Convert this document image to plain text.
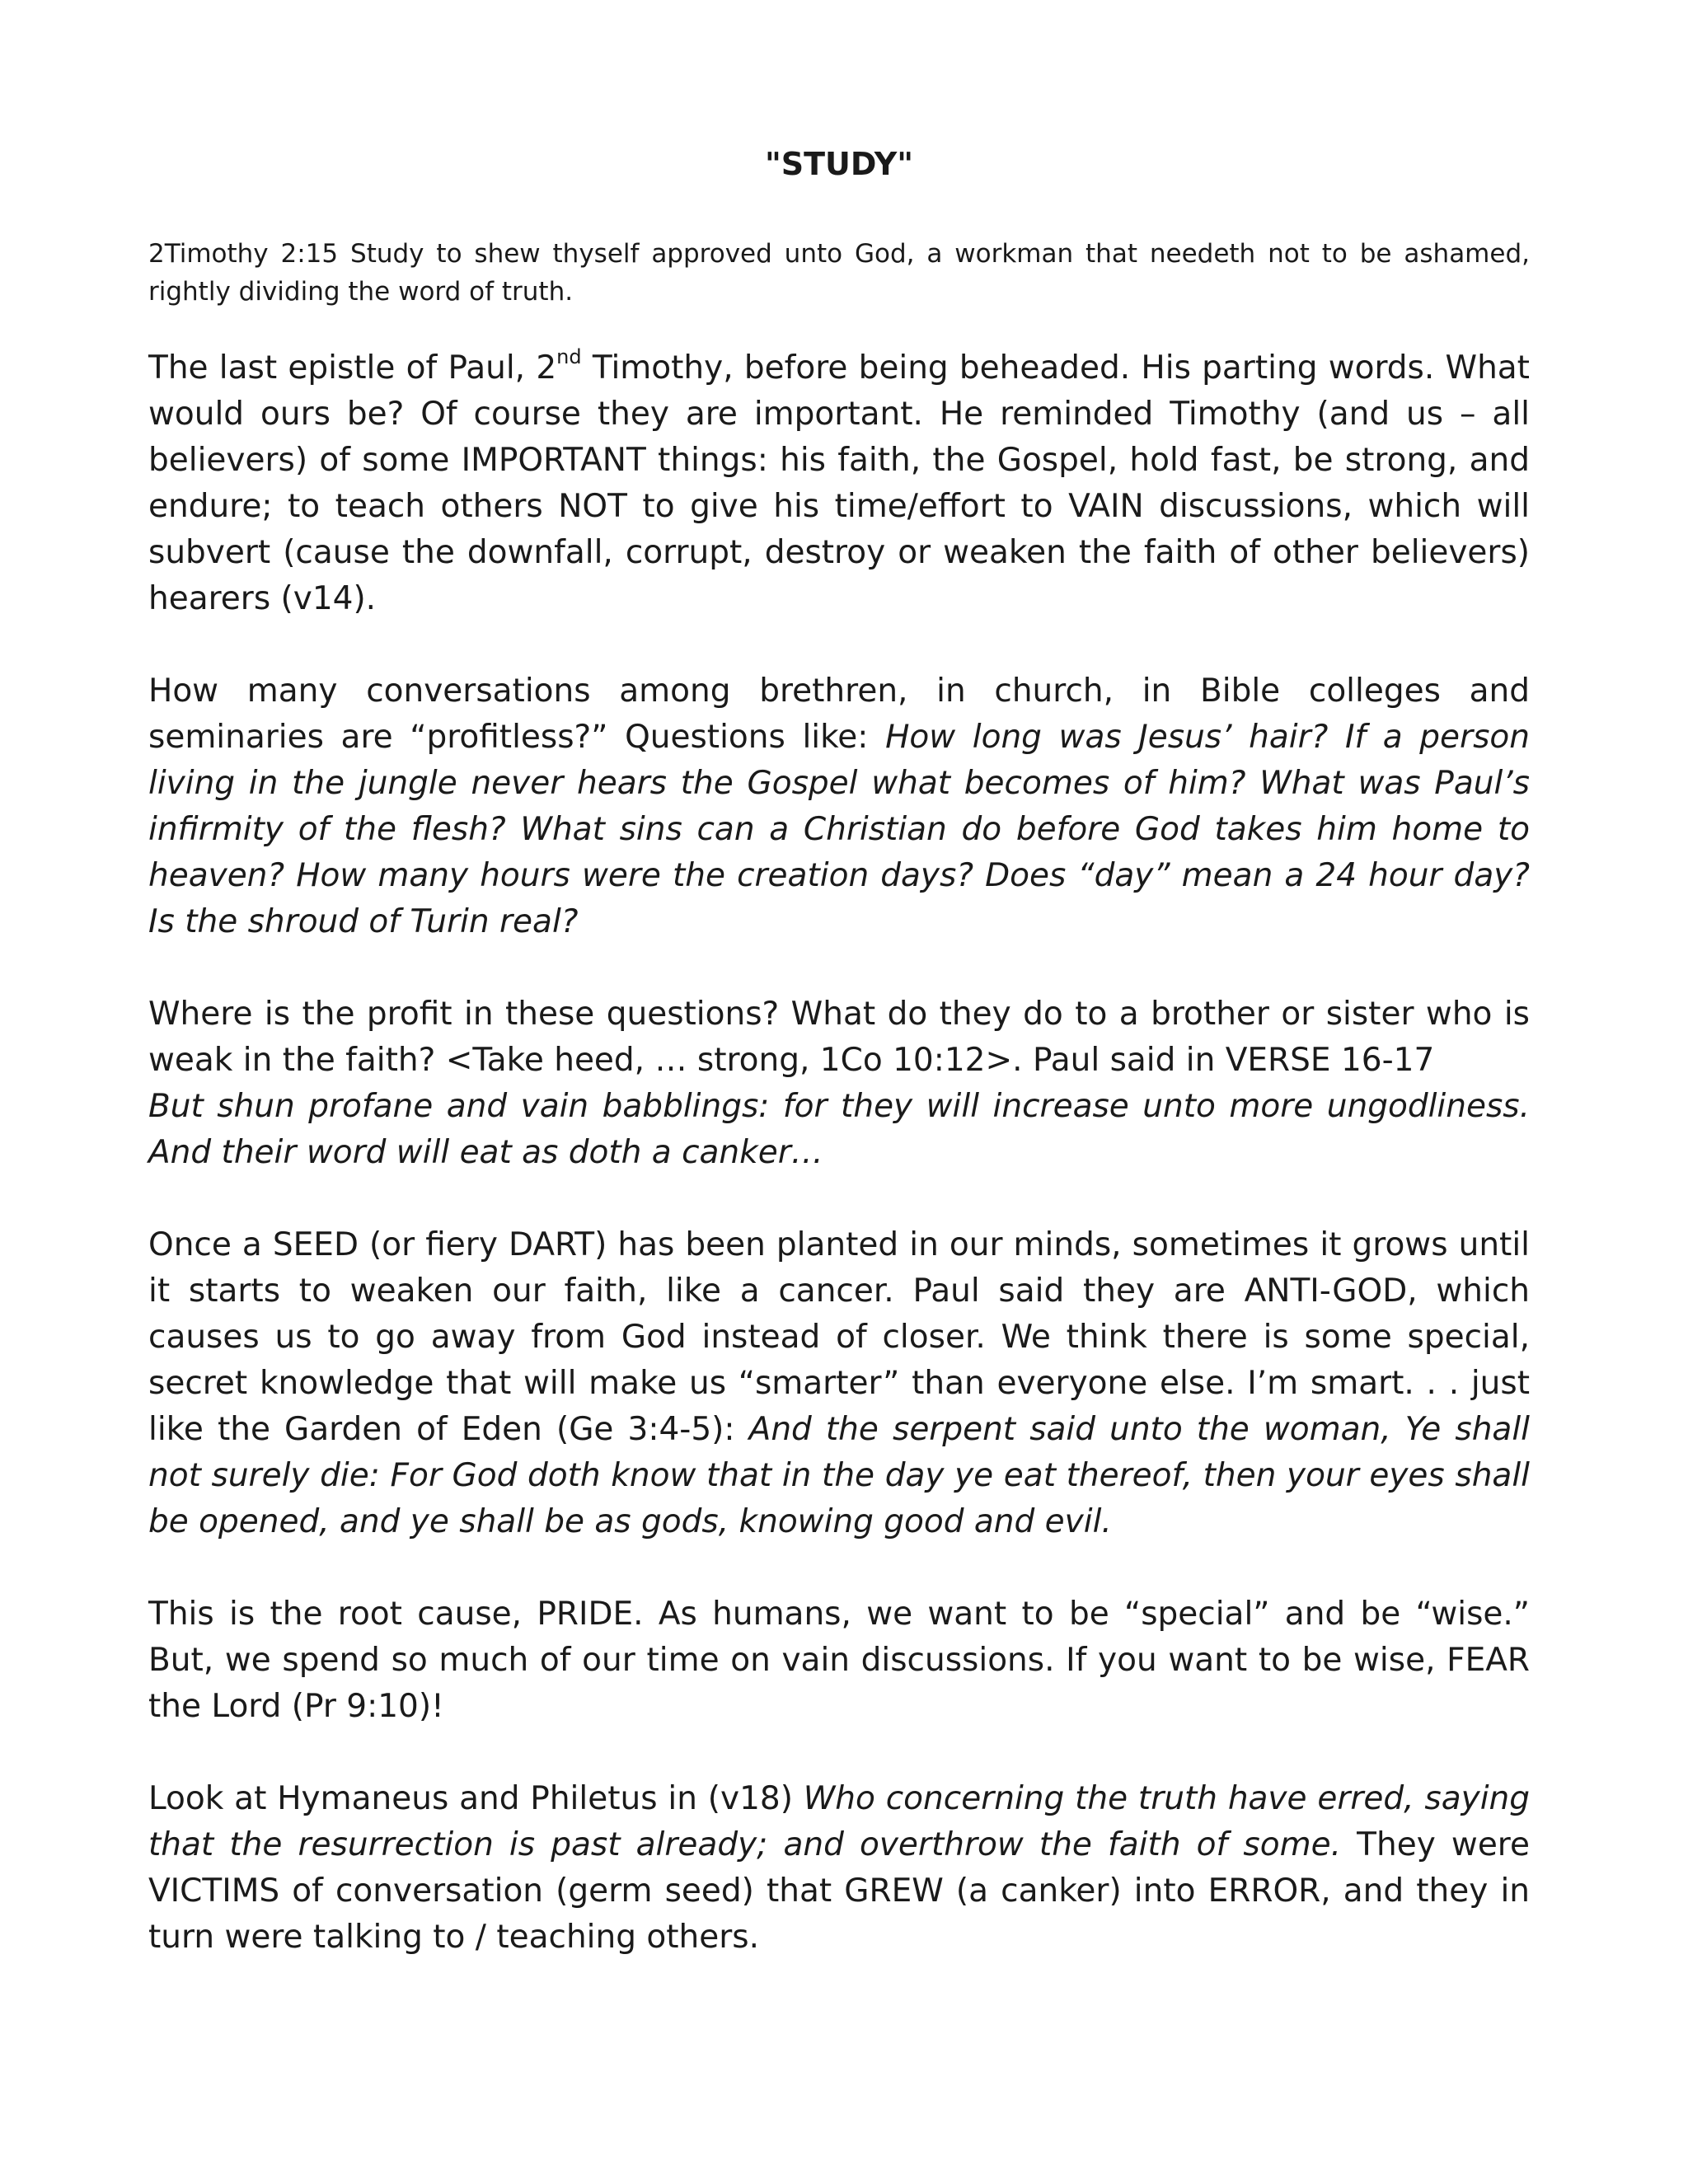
"STUDY"

2Timothy 2:15 Study to shew thyself approved unto God, a workman that needeth not to be ashamed, rightly dividing the word of truth.

The last epistle of Paul, 2nd Timothy, before being beheaded. His parting words. What would ours be? Of course they are important. He reminded Timothy (and us – all believers) of some IMPORTANT things: his faith, the Gospel, hold fast, be strong, and endure; to teach others NOT to give his time/effort to VAIN discussions, which will subvert (cause the downfall, corrupt, destroy or weaken the faith of other believers) hearers (v14).

How many conversations among brethren, in church, in Bible colleges and seminaries are “profitless?” Questions like: How long was Jesus’ hair? If a person living in the jungle never hears the Gospel what becomes of him? What was Paul’s infirmity of the flesh? What sins can a Christian do before God takes him home to heaven? How many hours were the creation days? Does “day” mean a 24 hour day? Is the shroud of Turin real?

Where is the profit in these questions? What do they do to a brother or sister who is weak in the faith? <Take heed, … strong, 1Co 10:12>. Paul said in VERSE 16-17
But shun profane and vain babblings: for they will increase unto more ungodliness. And their word will eat as doth a canker…

Once a SEED (or fiery DART) has been planted in our minds, sometimes it grows until it starts to weaken our faith, like a cancer. Paul said they are ANTI-GOD, which causes us to go away from God instead of closer. We think there is some special, secret knowledge that will make us “smarter” than everyone else. I’m smart. . . just like the Garden of Eden (Ge 3:4-5): And the serpent said unto the woman, Ye shall not surely die: For God doth know that in the day ye eat thereof, then your eyes shall be opened, and ye shall be as gods, knowing good and evil.

This is the root cause, PRIDE. As humans, we want to be “special” and be “wise.” But, we spend so much of our time on vain discussions. If you want to be wise, FEAR the Lord (Pr 9:10)!

Look at Hymaneus and Philetus in (v18) Who concerning the truth have erred, saying that the resurrection is past already; and overthrow the faith of some. They were VICTIMS of conversation (germ seed) that GREW (a canker) into ERROR, and they in turn were talking to / teaching others.
